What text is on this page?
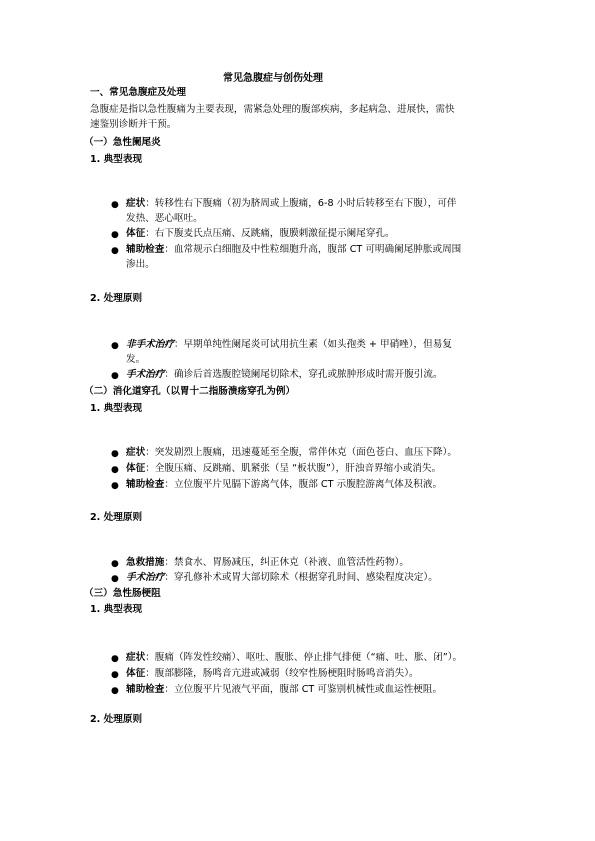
常见急腹症与创伤处理
一、常见急腹症及处理
急腹症是指以急性腹痛为主要表现，需紧急处理的腹部疾病，多起病急、进展快，需快
速鉴别诊断并干预。
（一）急性阑尾炎
1. 典型表现
● 症状：转移性右下腹痛（初为脐周或上腹痛，6-8 小时后转移至右下腹），可伴
发热、恶心呕吐。
● 体征：右下腹麦氏点压痛、反跳痛，腹膜刺激征提示阑尾穿孔。
● 辅助检查：血常规示白细胞及中性粒细胞升高，腹部 CT 可明确阑尾肿胀或周围
渗出。
2. 处理原则
● 非手术治疗：早期单纯性阑尾炎可试用抗生素（如头孢类 + 甲硝唑），但易复
发。
● 手术治疗：确诊后首选腹腔镜阑尾切除术，穿孔或脓肿形成时需开腹引流。
（二）消化道穿孔（以胃十二指肠溃疡穿孔为例）
1. 典型表现
● 症状：突发剧烈上腹痛，迅速蔓延至全腹，常伴休克（面色苍白、血压下降）。
● 体征：全腹压痛、反跳痛、肌紧张（呈 “板状腹”），肝浊音界缩小或消失。
● 辅助检查：立位腹平片见膈下游离气体，腹部 CT 示腹腔游离气体及积液。
2. 处理原则
● 急救措施：禁食水、胃肠减压，纠正休克（补液、血管活性药物）。
● 手术治疗：穿孔修补术或胃大部切除术（根据穿孔时间、感染程度决定）。
（三）急性肠梗阻
1. 典型表现
● 症状：腹痛（阵发性绞痛）、呕吐、腹胀、停止排气排便（“痛、吐、胀、闭”）。
● 体征：腹部膨隆，肠鸣音亢进或减弱（绞窄性肠梗阻时肠鸣音消失）。
● 辅助检查：立位腹平片见液气平面，腹部 CT 可鉴别机械性或血运性梗阻。
2. 处理原则
